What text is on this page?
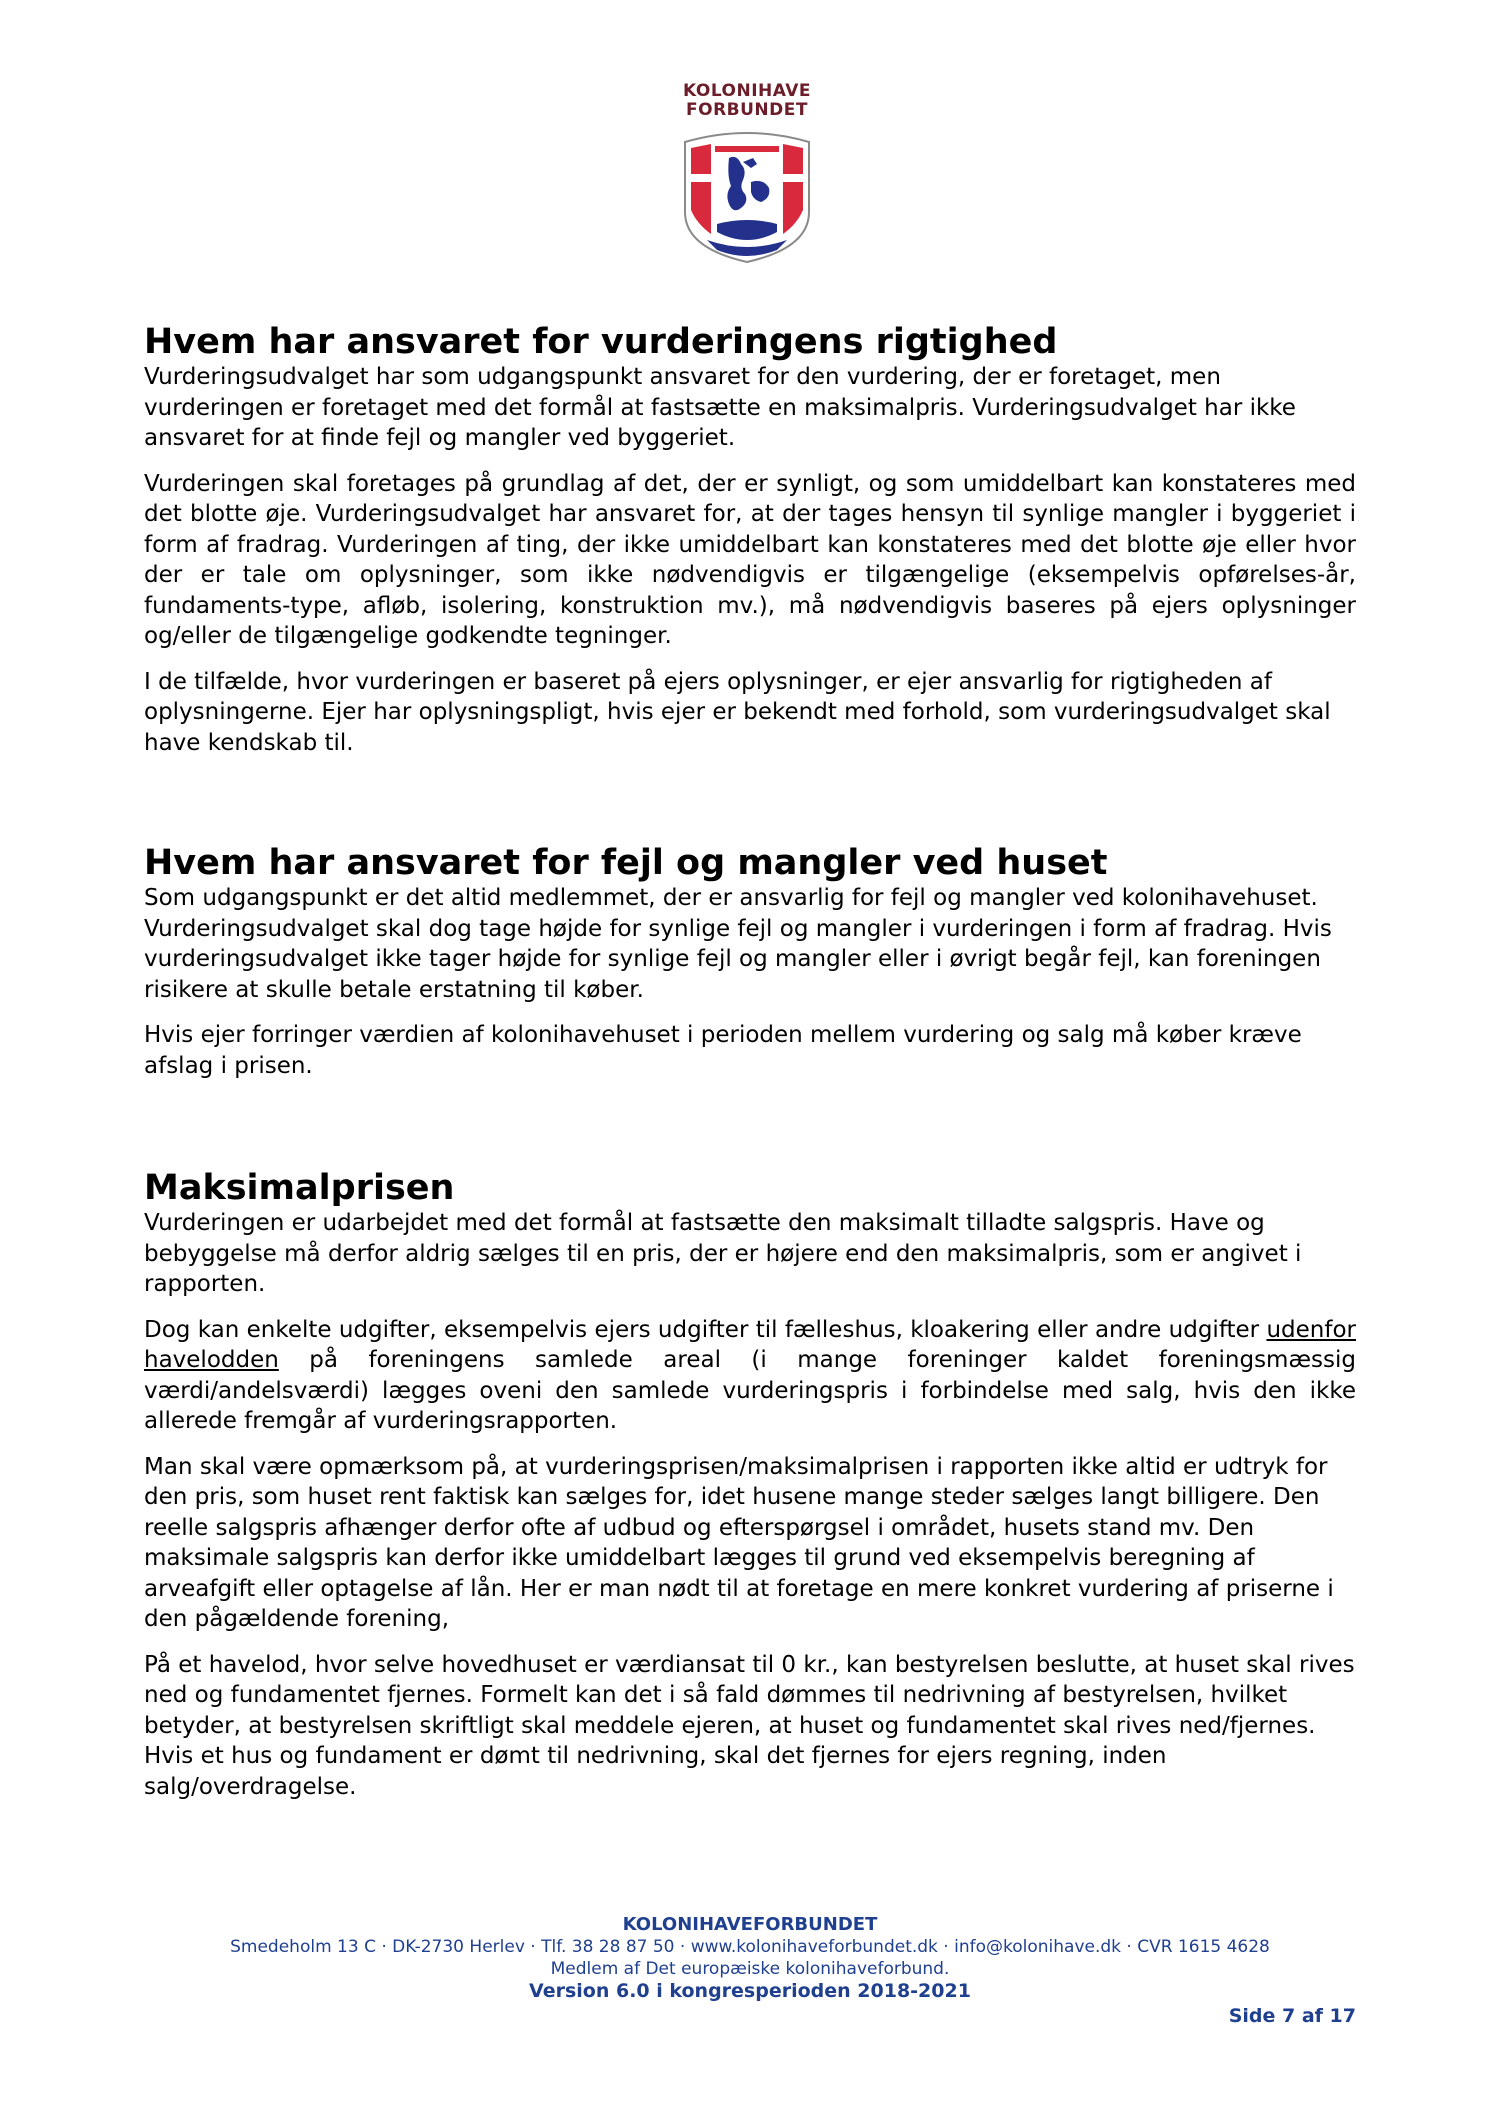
KOLONIHAVE
FORBUNDET
Hvem har ansvaret for vurderingens rigtighed

Vurderingsudvalget har som udgangspunkt ansvaret for den vurdering, der er foretaget, men vurderingen er foretaget med det formål at fastsætte en maksimalpris. Vurderingsudvalget har ikke ansvaret for at finde fejl og mangler ved byggeriet.

Vurderingen skal foretages på grundlag af det, der er synligt, og som umiddelbart kan konstateres med det blotte øje. Vurderingsudvalget har ansvaret for, at der tages hensyn til synlige mangler i byggeriet i form af fradrag. Vurderingen af ting, der ikke umiddelbart kan konstateres med det blotte øje eller hvor der er tale om oplysninger, som ikke nødvendigvis er tilgængelige (eksempelvis opførelses-år, fundaments-type, afløb, isolering, konstruktion mv.), må nødvendigvis baseres på ejers oplysninger og/eller de tilgængelige godkendte tegninger.

I de tilfælde, hvor vurderingen er baseret på ejers oplysninger, er ejer ansvarlig for rigtigheden af oplysningerne. Ejer har oplysningspligt, hvis ejer er bekendt med forhold, som vurderingsudvalget skal have kendskab til.

Hvem har ansvaret for fejl og mangler ved huset

Som udgangspunkt er det altid medlemmet, der er ansvarlig for fejl og mangler ved kolonihavehuset. Vurderingsudvalget skal dog tage højde for synlige fejl og mangler i vurderingen i form af fradrag. Hvis vurderingsudvalget ikke tager højde for synlige fejl og mangler eller i øvrigt begår fejl, kan foreningen risikere at skulle betale erstatning til køber.

Hvis ejer forringer værdien af kolonihavehuset i perioden mellem vurdering og salg må køber kræve afslag i prisen.

Maksimalprisen

Vurderingen er udarbejdet med det formål at fastsætte den maksimalt tilladte salgspris. Have og bebyggelse må derfor aldrig sælges til en pris, der er højere end den maksimalpris, som er angivet i rapporten.

Dog kan enkelte udgifter, eksempelvis ejers udgifter til fælleshus, kloakering eller andre udgifter udenfor havelodden på foreningens samlede areal (i mange foreninger kaldet foreningsmæssig værdi/andelsværdi) lægges oveni den samlede vurderingspris i forbindelse med salg, hvis den ikke allerede fremgår af vurderingsrapporten.

Man skal være opmærksom på, at vurderingsprisen/maksimalprisen i rapporten ikke altid er udtryk for den pris, som huset rent faktisk kan sælges for, idet husene mange steder sælges langt billigere. Den reelle salgspris afhænger derfor ofte af udbud og efterspørgsel i området, husets stand mv. Den maksimale salgspris kan derfor ikke umiddelbart lægges til grund ved eksempelvis beregning af arveafgift eller optagelse af lån. Her er man nødt til at foretage en mere konkret vurdering af priserne i den pågældende forening,

På et havelod, hvor selve hovedhuset er værdiansat til 0 kr., kan bestyrelsen beslutte, at huset skal rives ned og fundamentet fjernes. Formelt kan det i så fald dømmes til nedrivning af bestyrelsen, hvilket betyder, at bestyrelsen skriftligt skal meddele ejeren, at huset og fundamentet skal rives ned/fjernes. Hvis et hus og fundament er dømt til nedrivning, skal det fjernes for ejers regning, inden salg/overdragelse.

KOLONIHAVEFORBUNDET
Smedeholm 13 C · DK-2730 Herlev · Tlf. 38 28 87 50 · www.kolonihaveforbundet.dk · info@kolonihave.dk · CVR 1615 4628
Medlem af Det europæiske kolonihaveforbund.
Version 6.0 i kongresperioden 2018-2021
Side 7 af 17
